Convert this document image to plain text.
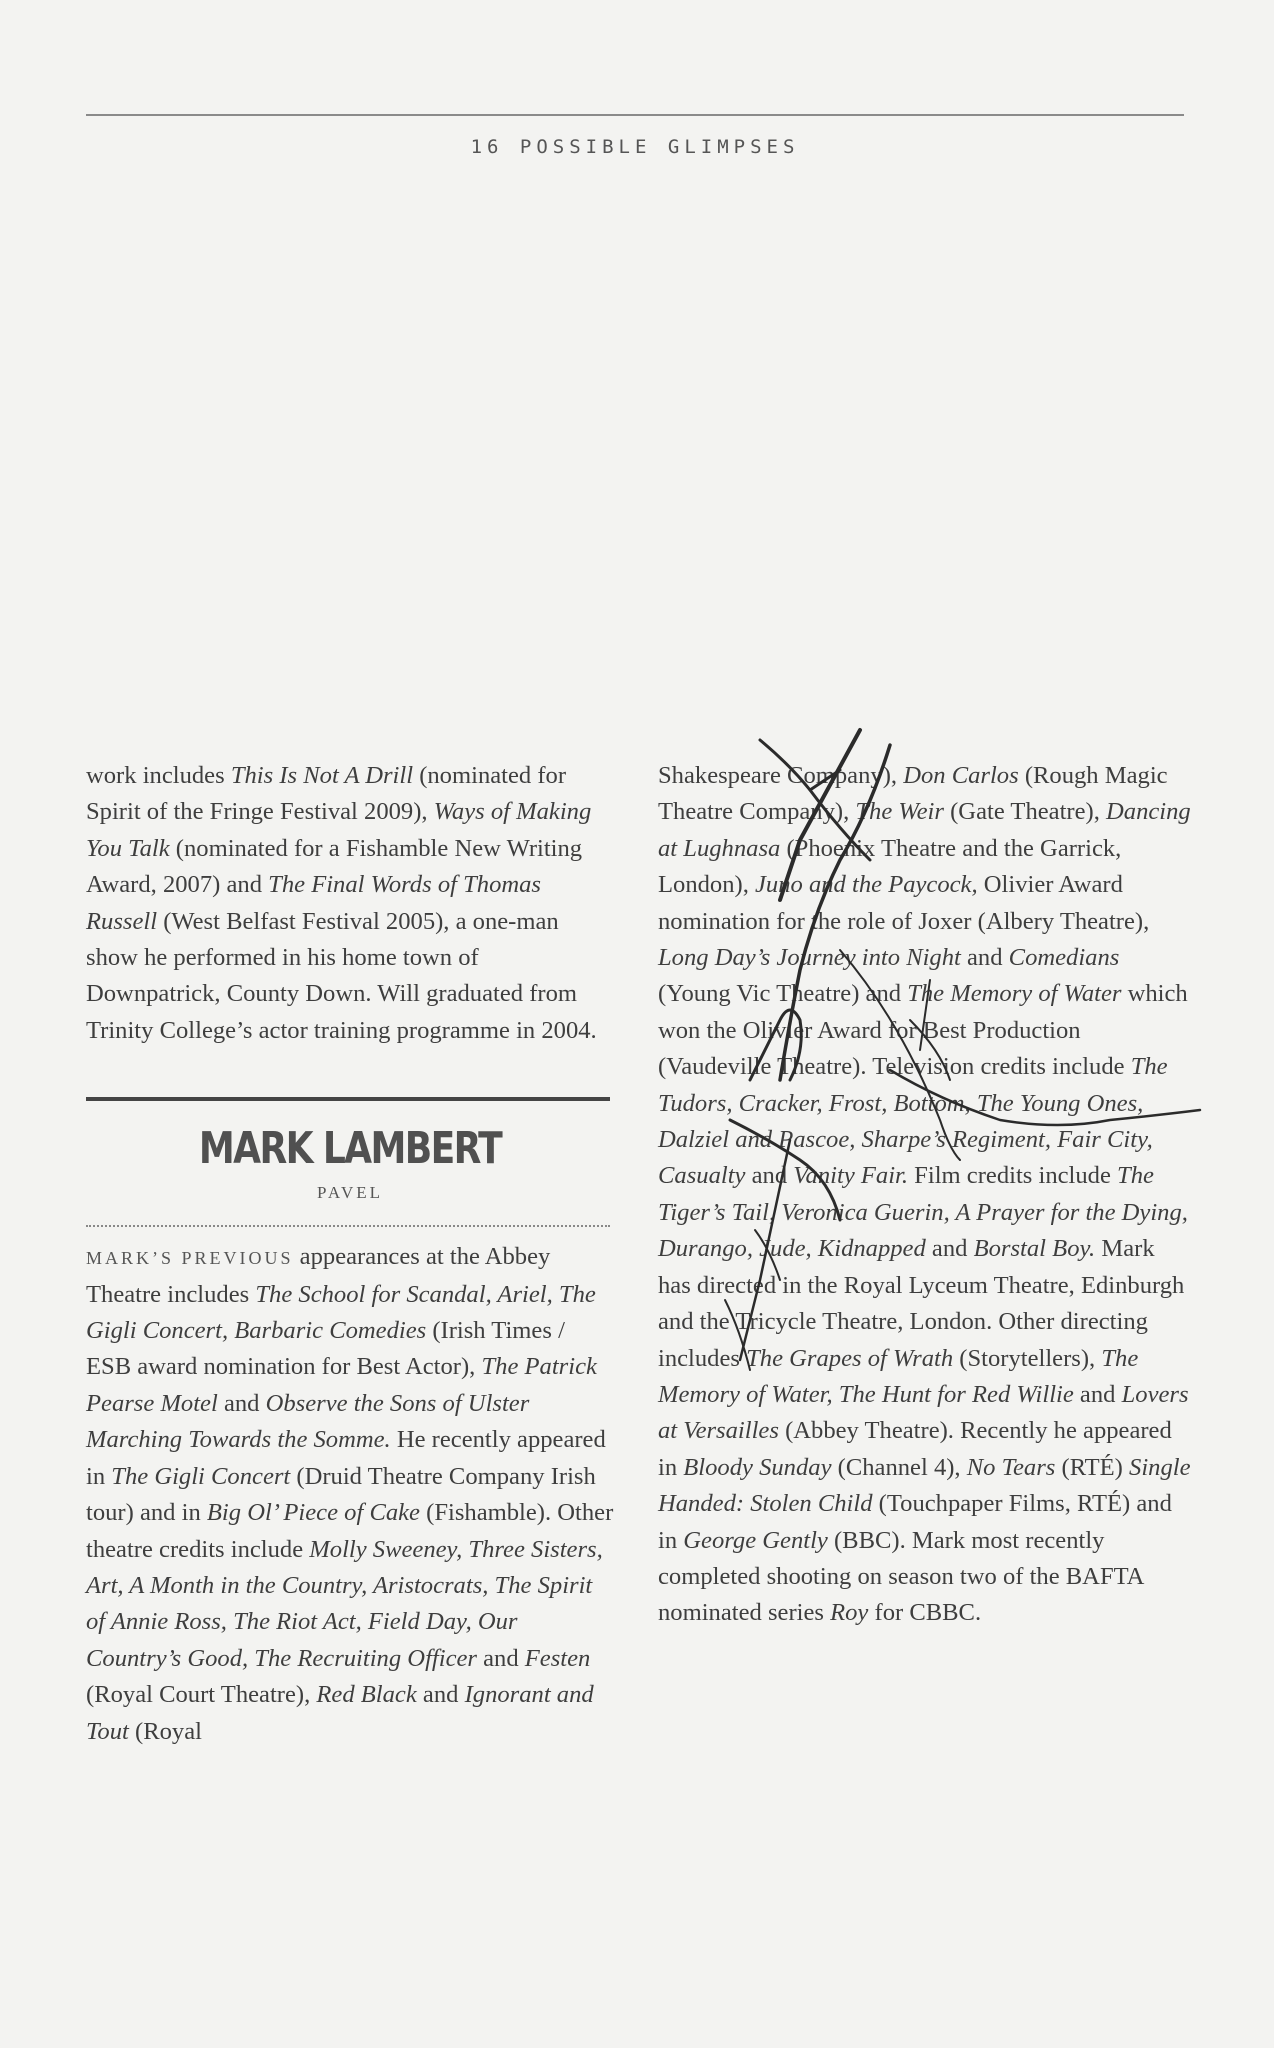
16 POSSIBLE GLIMPSES

work includes This Is Not A Drill (nominated for Spirit of the Fringe Festival 2009), Ways of Making You Talk (nominated for a Fishamble New Writing Award, 2007) and The Final Words of Thomas Russell (West Belfast Festival 2005), a one-man show he performed in his home town of Downpatrick, County Down. Will graduated from Trinity College’s actor training programme in 2004.

MARK LAMBERT
PAVEL

MARK’S PREVIOUS appearances at the Abbey Theatre includes The School for Scandal, Ariel, The Gigli Concert, Barbaric Comedies (Irish Times / ESB award nomination for Best Actor), The Patrick Pearse Motel and Observe the Sons of Ulster Marching Towards the Somme. He recently appeared in The Gigli Concert (Druid Theatre Company Irish tour) and in Big Ol’ Piece of Cake (Fishamble). Other theatre credits include Molly Sweeney, Three Sisters, Art, A Month in the Country, Aristocrats, The Spirit of Annie Ross, The Riot Act, Field Day, Our Country’s Good, The Recruiting Officer and Festen (Royal Court Theatre), Red Black and Ignorant and Tout (Royal

Shakespeare Company), Don Carlos (Rough Magic Theatre Company), The Weir (Gate Theatre), Dancing at Lughnasa (Phoenix Theatre and the Garrick, London), Juno and the Paycock, Olivier Award nomination for the role of Joxer (Albery Theatre), Long Day’s Journey into Night and Comedians (Young Vic Theatre) and The Memory of Water which won the Olivier Award for Best Production (Vaudeville Theatre). Television credits include The Tudors, Cracker, Frost, Bottom, The Young Ones, Dalziel and Pascoe, Sharpe’s Regiment, Fair City, Casualty and Vanity Fair. Film credits include The Tiger’s Tail, Veronica Guerin, A Prayer for the Dying, Durango, Jude, Kidnapped and Borstal Boy. Mark has directed in the Royal Lyceum Theatre, Edinburgh and the Tricycle Theatre, London. Other directing includes The Grapes of Wrath (Storytellers), The Memory of Water, The Hunt for Red Willie and Lovers at Versailles (Abbey Theatre). Recently he appeared in Bloody Sunday (Channel 4), No Tears (RTÉ) Single Handed: Stolen Child (Touchpaper Films, RTÉ) and in George Gently (BBC). Mark most recently completed shooting on season two of the BAFTA nominated series Roy for CBBC.
